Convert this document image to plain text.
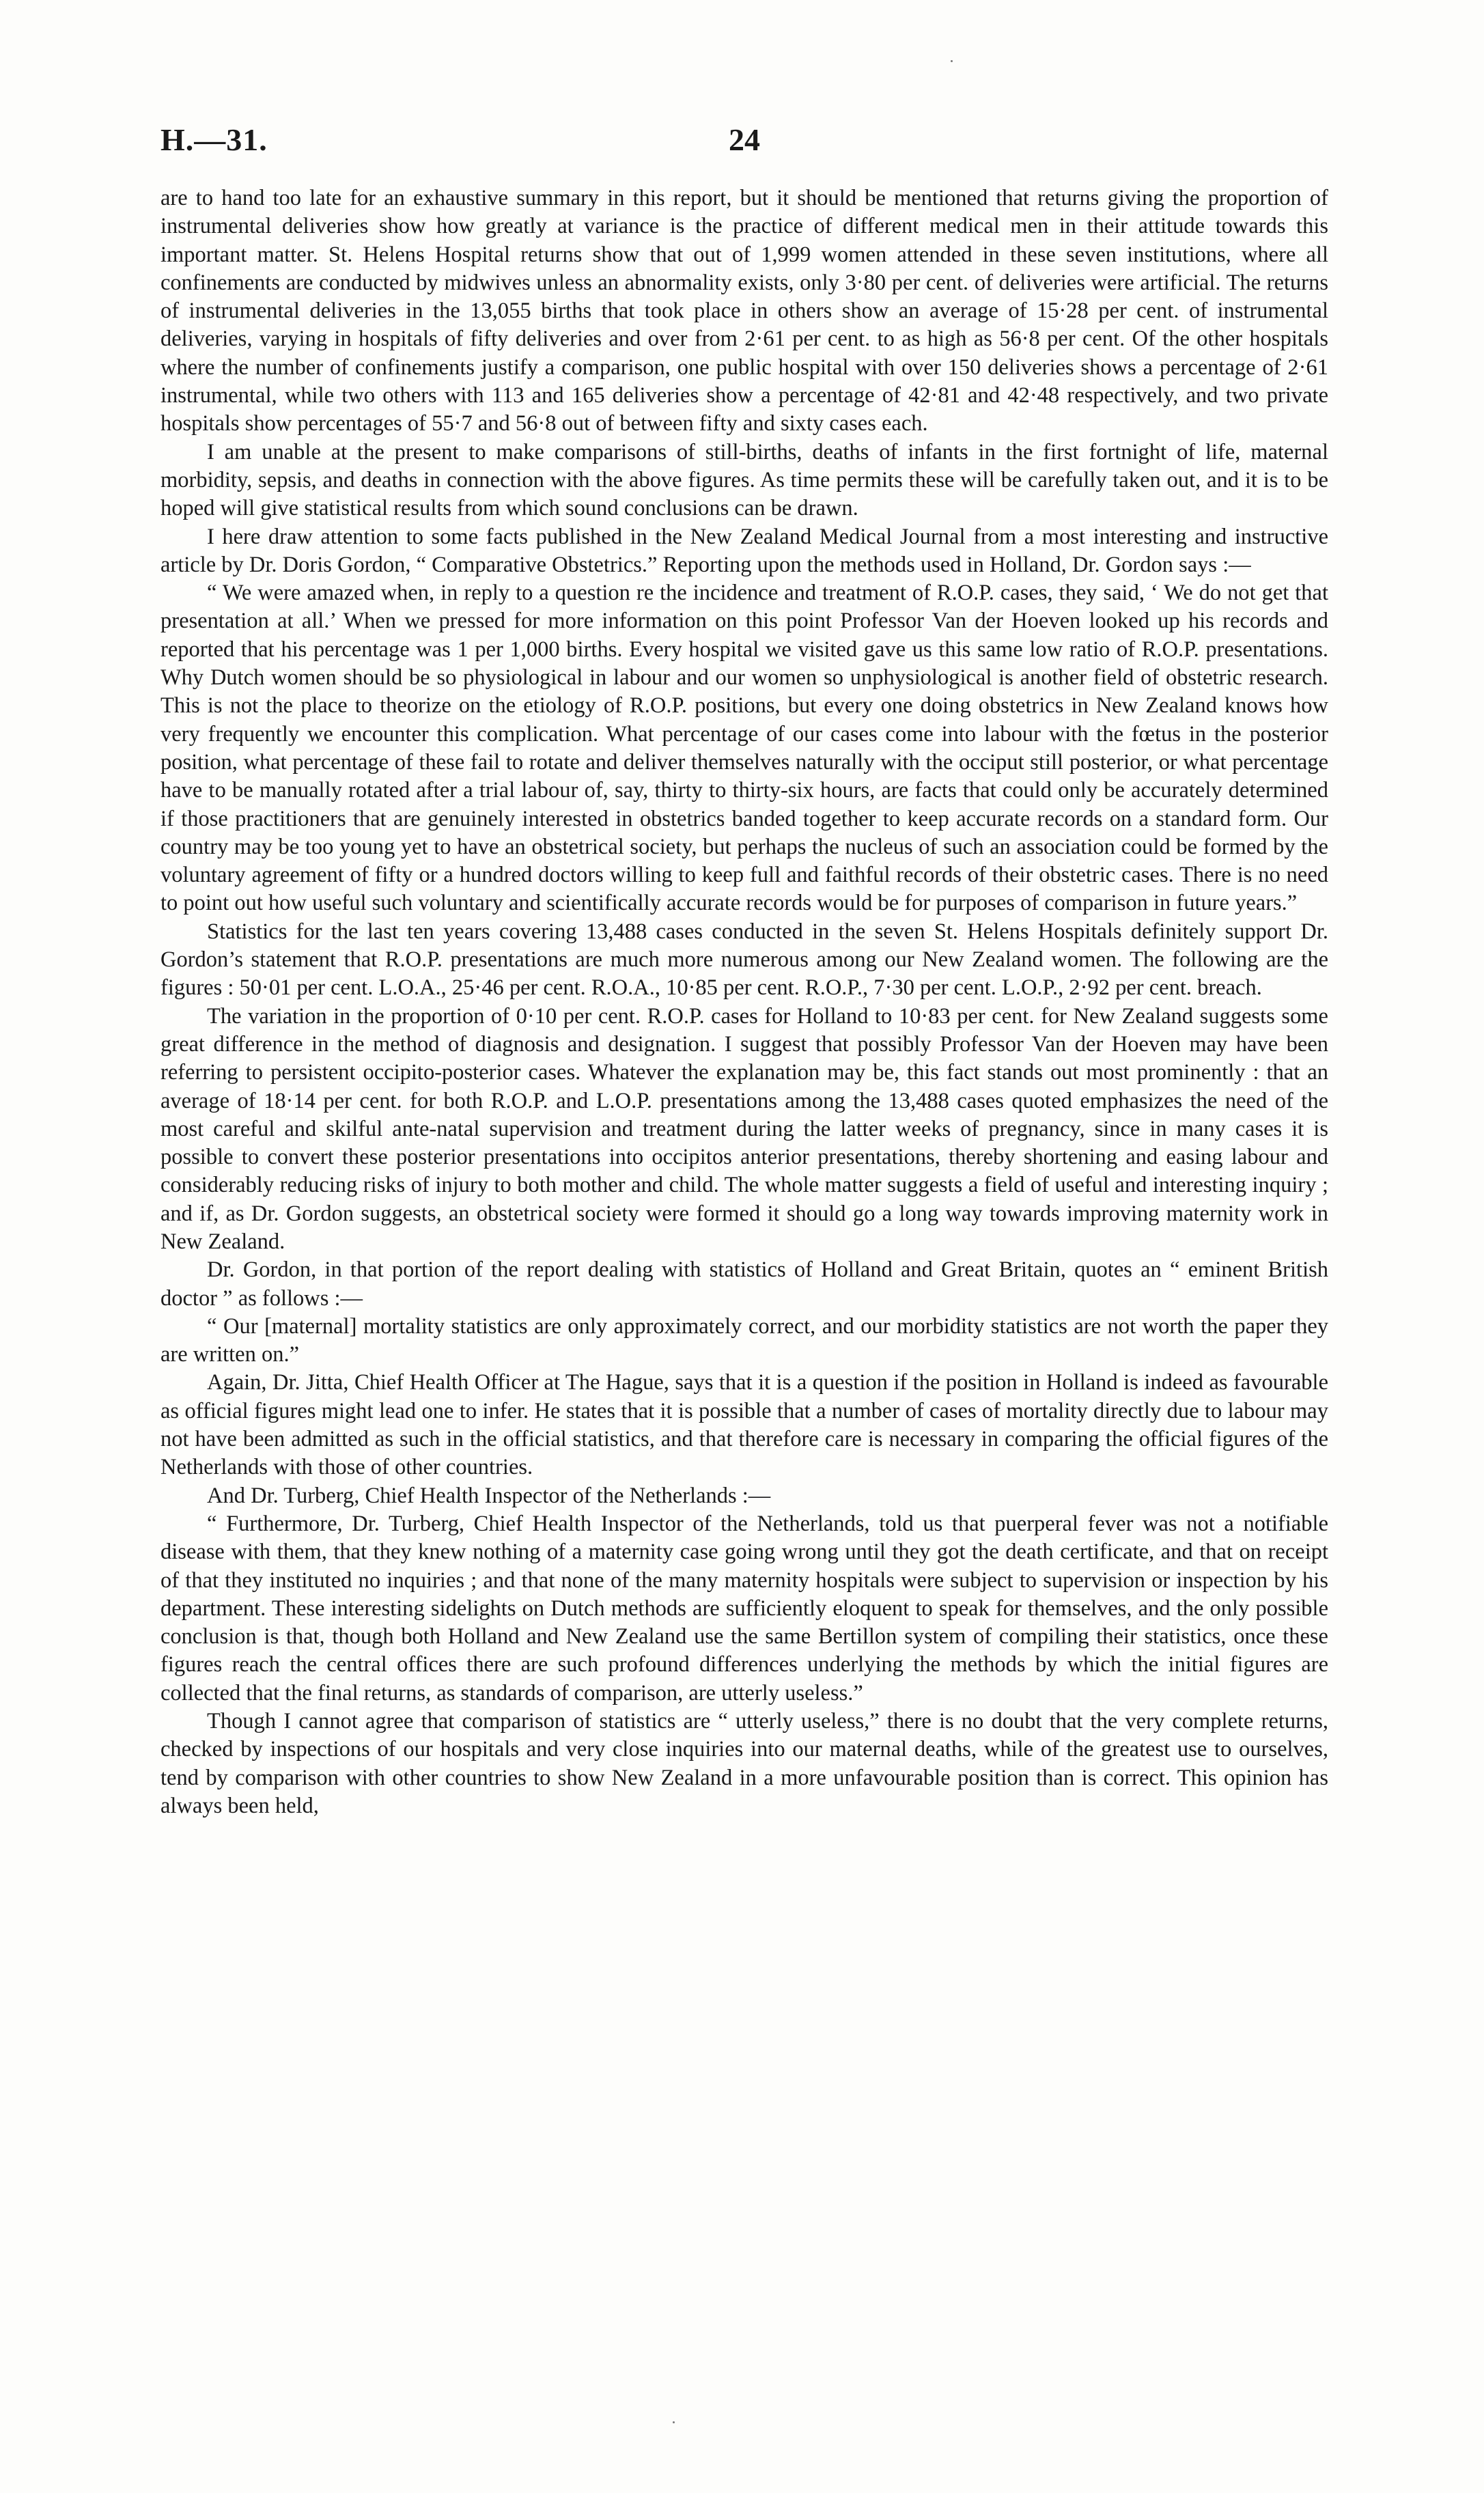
H.—31.	24

are to hand too late for an exhaustive summary in this report, but it should be mentioned that returns giving the proportion of instrumental deliveries show how greatly at variance is the practice of different medical men in their attitude towards this important matter. St. Helens Hospital returns show that out of 1,999 women attended in these seven institutions, where all confinements are conducted by midwives unless an abnormality exists, only 3·80 per cent. of deliveries were artificial. The returns of instrumental deliveries in the 13,055 births that took place in others show an average of 15·28 per cent. of instrumental deliveries, varying in hospitals of fifty deliveries and over from 2·61 per cent. to as high as 56·8 per cent. Of the other hospitals where the number of confinements justify a comparison, one public hospital with over 150 deliveries shows a percentage of 2·61 instrumental, while two others with 113 and 165 deliveries show a percentage of 42·81 and 42·48 respectively, and two private hospitals show percentages of 55·7 and 56·8 out of between fifty and sixty cases each.

I am unable at the present to make comparisons of still-births, deaths of infants in the first fortnight of life, maternal morbidity, sepsis, and deaths in connection with the above figures. As time permits these will be carefully taken out, and it is to be hoped will give statistical results from which sound conclusions can be drawn.

I here draw attention to some facts published in the New Zealand Medical Journal from a most interesting and instructive article by Dr. Doris Gordon, “ Comparative Obstetrics.” Reporting upon the methods used in Holland, Dr. Gordon says :—

“ We were amazed when, in reply to a question re the incidence and treatment of R.O.P. cases, they said, ‘ We do not get that presentation at all.’ When we pressed for more information on this point Professor Van der Hoeven looked up his records and reported that his percentage was 1 per 1,000 births. Every hospital we visited gave us this same low ratio of R.O.P. presentations. Why Dutch women should be so physiological in labour and our women so unphysiological is another field of obstetric research. This is not the place to theorize on the etiology of R.O.P. positions, but every one doing obstetrics in New Zealand knows how very frequently we encounter this complication. What percentage of our cases come into labour with the fœtus in the posterior position, what percentage of these fail to rotate and deliver themselves naturally with the occiput still posterior, or what percentage have to be manually rotated after a trial labour of, say, thirty to thirty-six hours, are facts that could only be accurately determined if those practitioners that are genuinely interested in obstetrics banded together to keep accurate records on a standard form. Our country may be too young yet to have an obstetrical society, but perhaps the nucleus of such an association could be formed by the voluntary agreement of fifty or a hundred doctors willing to keep full and faithful records of their obstetric cases. There is no need to point out how useful such voluntary and scientifically accurate records would be for purposes of comparison in future years.”

Statistics for the last ten years covering 13,488 cases conducted in the seven St. Helens Hospitals definitely support Dr. Gordon’s statement that R.O.P. presentations are much more numerous among our New Zealand women. The following are the figures : 50·01 per cent. L.O.A., 25·46 per cent. R.O.A., 10·85 per cent. R.O.P., 7·30 per cent. L.O.P., 2·92 per cent. breach.

The variation in the proportion of 0·10 per cent. R.O.P. cases for Holland to 10·83 per cent. for New Zealand suggests some great difference in the method of diagnosis and designation. I suggest that possibly Professor Van der Hoeven may have been referring to persistent occipito-posterior cases. Whatever the explanation may be, this fact stands out most prominently : that an average of 18·14 per cent. for both R.O.P. and L.O.P. presentations among the 13,488 cases quoted emphasizes the need of the most careful and skilful ante-natal supervision and treatment during the latter weeks of pregnancy, since in many cases it is possible to convert these posterior presentations into occipitos anterior presentations, thereby shortening and easing labour and considerably reducing risks of injury to both mother and child. The whole matter suggests a field of useful and interesting inquiry ; and if, as Dr. Gordon suggests, an obstetrical society were formed it should go a long way towards improving maternity work in New Zealand.

Dr. Gordon, in that portion of the report dealing with statistics of Holland and Great Britain, quotes an “ eminent British doctor ” as follows :—

“ Our [maternal] mortality statistics are only approximately correct, and our morbidity statistics are not worth the paper they are written on.”

Again, Dr. Jitta, Chief Health Officer at The Hague, says that it is a question if the position in Holland is indeed as favourable as official figures might lead one to infer. He states that it is possible that a number of cases of mortality directly due to labour may not have been admitted as such in the official statistics, and that therefore care is necessary in comparing the official figures of the Netherlands with those of other countries.

And Dr. Turberg, Chief Health Inspector of the Netherlands :—

“ Furthermore, Dr. Turberg, Chief Health Inspector of the Netherlands, told us that puerperal fever was not a notifiable disease with them, that they knew nothing of a maternity case going wrong until they got the death certificate, and that on receipt of that they instituted no inquiries ; and that none of the many maternity hospitals were subject to supervision or inspection by his department. These interesting sidelights on Dutch methods are sufficiently eloquent to speak for themselves, and the only possible conclusion is that, though both Holland and New Zealand use the same Bertillon system of compiling their statistics, once these figures reach the central offices there are such profound differences underlying the methods by which the initial figures are collected that the final returns, as standards of comparison, are utterly useless.”

Though I cannot agree that comparison of statistics are “ utterly useless,” there is no doubt that the very complete returns, checked by inspections of our hospitals and very close inquiries into our maternal deaths, while of the greatest use to ourselves, tend by comparison with other countries to show New Zealand in a more unfavourable position than is correct. This opinion has always been held,
